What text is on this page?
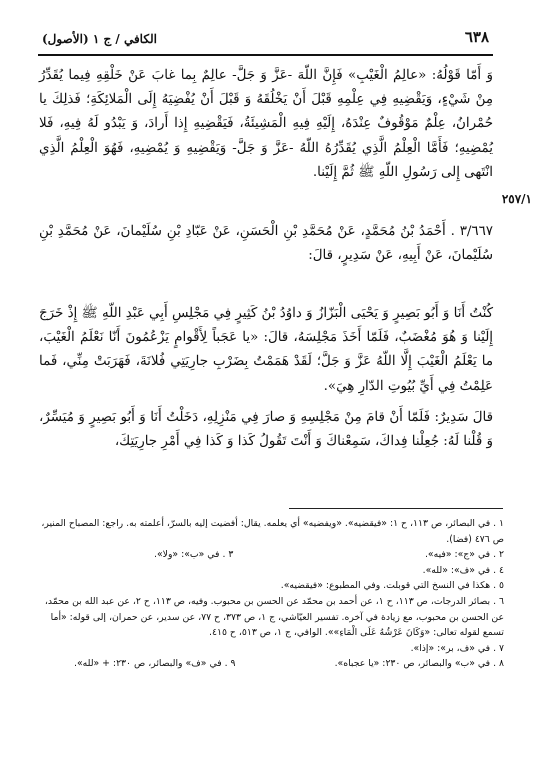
٦٣٨
الكافي / ج ١ (الأصول)

وَ أَمّا قَوْلُهُ: «عالِمُ الْغَيْبِ» فَإِنَّ اللّهَ -عَزَّ وَ جَلَّ- عالِمٌ بِما غابَ عَنْ خَلْقِهِ فِيما يُقَدِّرُ مِنْ شَيْءٍ، وَيَقْضِيهِ فِي عِلْمِهِ قَبْلَ أَنْ يَخْلُقَهُ وَ قَبْلَ أَنْ يُفْضِيَهُ إِلَى الْمَلائِكَةِ؛ فَذلِكَ يا حُمْرانُ، عِلْمٌ مَوْقُوفٌ عِنْدَهُ، إِلَيْهِ فِيهِ الْمَشِيئَةُ، فَيَقْضِيهِ إِذا أَرادَ، وَ يَبْدُو لَهُ فِيهِ، فَلا يُمْضِيهِ؛ فَأَمَّا الْعِلْمُ الَّذِي يُقَدِّرُهُ اللّهُ -عَزَّ وَ جَلَّ- وَيَقْضِيهِ وَ يُمْضِيهِ، فَهُوَ الْعِلْمُ الَّذِي انْتَهى إِلى رَسُولِ اللّهِ ﷺ ثُمَّ إِلَيْنا.

٢٥٧/١

٣/٦٦٧ . أَحْمَدُ بْنُ مُحَمَّدٍ، عَنْ مُحَمَّدِ بْنِ الْحَسَنِ، عَنْ عَبّادِ بْنِ سُلَيْمانَ، عَنْ مُحَمَّدِ بْنِ سُلَيْمانَ، عَنْ أَبِيهِ، عَنْ سَدِيرٍ، قالَ:

كُنْتُ أَنَا وَ أَبُو بَصِيرٍ وَ يَحْيَى الْبَزّازُ وَ داوُدُ بْنُ كَثِيرٍ فِي مَجْلِسِ أَبِي عَبْدِ اللّهِ ﷺ إِذْ خَرَجَ إِلَيْنا وَ هُوَ مُغْضَبٌ، فَلَمّا أَخَذَ مَجْلِسَهُ، قالَ: «يا عَجَباً لِأَقْوامٍ يَزْعُمُونَ أَنّا نَعْلَمُ الْغَيْبَ، ما يَعْلَمُ الْغَيْبَ إِلَّا اللّهُ عَزَّ وَ جَلَّ؛ لَقَدْ هَمَمْتُ بِضَرْبِ جارِيَتِي فُلانَةَ، فَهَرَبَتْ مِنِّي، فَما عَلِمْتُ فِي أَيِّ بُيُوتِ الدّارِ هِيَ».

قالَ سَدِيرٌ: فَلَمّا أَنْ قامَ مِنْ مَجْلِسِهِ وَ صارَ فِي مَنْزِلِهِ، دَخَلْتُ أَنَا وَ أَبُو بَصِيرٍ وَ مُيَسِّرٌ، وَ قُلْنا لَهُ: جُعِلْنا فِداكَ، سَمِعْناكَ وَ أَنْتَ تَقُولُ كَذا وَ كَذا فِي أَمْرِ جارِيَتِكَ،

١ . في البصائر، ص ١١٣، ح ١: «فيقضيه». «ويفضيه» أي يعلمه. يقال: أفضيت إليه بالسرّ، أعلمته به. راجع: المصباح المنير، ص ٤٧٦ (فضا).

٢ . في «ج»: «فيه».
٣ . في «ب»: «ولا».

٤ . في «ف»: «لله».

٥ . هكذا في النسخ التي قوبلت. وفي المطبوع: «فيقضيه».

٦ . بصائر الدرجات، ص ١١٣، ح ١، عن أحمد بن محمّد عن الحسن بن محبوب. وفيه، ص ١١٣، ح ٢، عن عبد الله بن محمّد، عن الحسن بن محبوب، مع زيادة في آخره. تفسير العيّاشي، ج ١، ص ٣٧٣، ح ٧٧، عن سدير، عن حمران، إلى قوله: «أما تسمع لقوله تعالى: «وَكَانَ عَرْشُهُ عَلَى الْمَاءِ»». الوافي، ج ١، ص ٥١٣، ح ٤١٥.

٧ . في «ف، بر»: «إذا».

٨ . في «ب» والبصائر، ص ٢٣٠: «يا عجباه».
٩ . في «ف» والبصائر، ص ٢٣٠: + «لله».
